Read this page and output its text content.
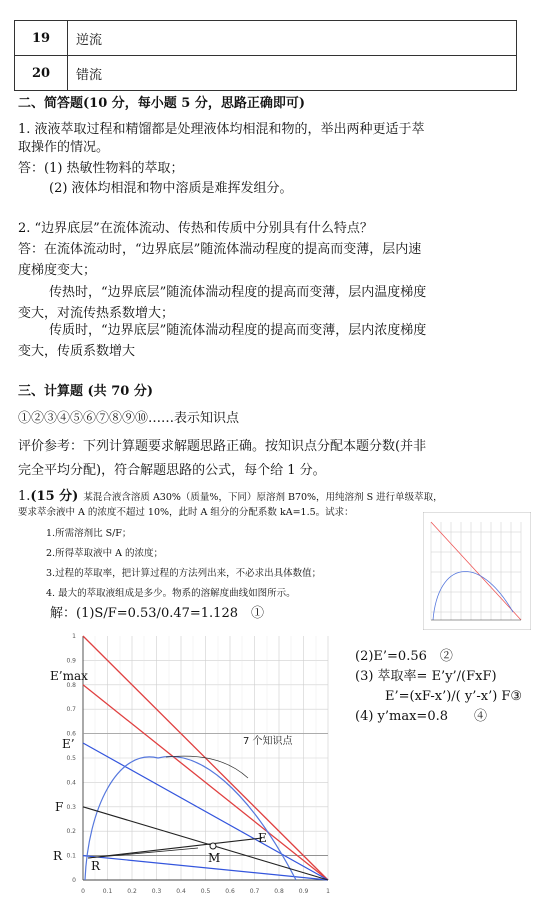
19	逆流
20	错流
二、简答题(10 分，每小题 5 分，思路正确即可)
1. 液液萃取过程和精馏都是处理液体均相混和物的，举出两种更适于萃
取操作的情况。
答：(1) 热敏性物料的萃取；
(2) 液体均相混和物中溶质是难挥发组分。
2. “边界底层”在流体流动、传热和传质中分别具有什么特点？
答：在流体流动时，“边界底层”随流体湍动程度的提高而变薄，层内速
度梯度变大；
传热时，“边界底层”随流体湍动程度的提高而变薄，层内温度梯度
变大，对流传热系数增大；
传质时，“边界底层”随流体湍动程度的提高而变薄，层内浓度梯度
变大，传质系数增大
三、计算题 (共 70 分)
①②③④⑤⑥⑦⑧⑨⑩……表示知识点
评价参考：下列计算题要求解题思路正确。按知识点分配本题分数(并非
完全平均分配)，符合解题思路的公式，每个给 1 分。
1.(15 分) 某混合液含溶质 A30%（质量%，下同）原溶剂 B70%，用纯溶剂 S 进行单级萃取，
要求萃余液中 A 的浓度不超过 10%，此时 A 组分的分配系数 kA=1.5。试求：
1.所需溶剂比 S/F；
2.所得萃取液中 A 的浓度；
3.过程的萃取率，把计算过程的方法列出来，不必求出具体数值；
4. 最大的萃取液组成是多少。物系的溶解度曲线如图所示。
解：(1)S/F=0.53/0.47=1.128　①
(2)E’=0.56　②
(3) 萃取率= E’y’/(FxF)
E’=(xF-x’)/( y’-x’) F③
(4) y’max=0.8　　④
1
0.9
0.8
0.7
0.6
0.5
0.4
0.3
0.2
0.1
0
0	0.1 0.2 0.3 0.4 0.5 0.6 0.7 0.8 0.9	1
7 个知识点
E’max
E’
F
R
R
M
E
